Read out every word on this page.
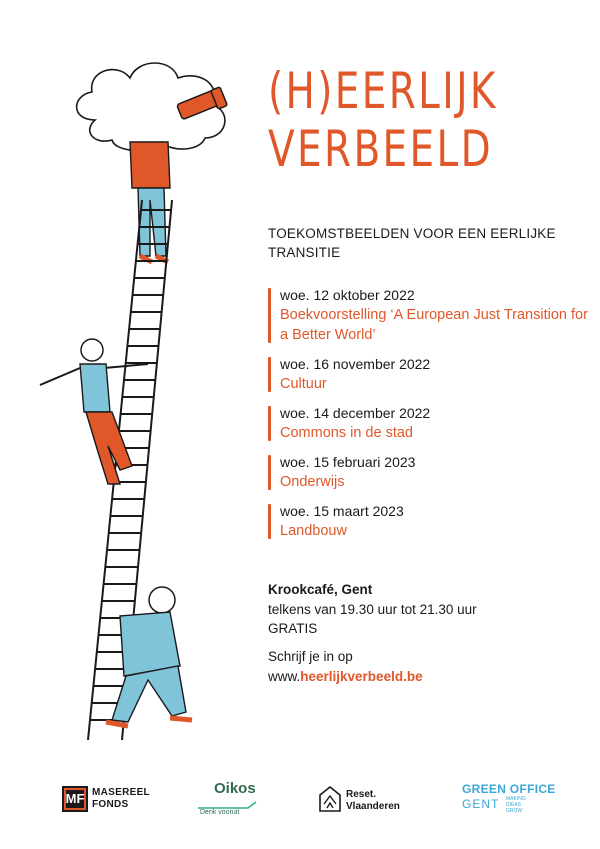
(H)EERLIJK
VERBEELD
TOEKOMSTBEELDEN VOOR EEN EERLIJKE TRANSITIE
woe. 12 oktober 2022
Boekvoorstelling ‘A European Just Transition for a Better World’
woe. 16 november 2022
Cultuur
woe. 14 december 2022
Commons in de stad
woe. 15 februari 2023
Onderwijs
woe. 15 maart 2023
Landbouw
Krookcafé, Gent
telkens van 19.30 uur tot 21.30 uur
GRATIS
Schrijf je in op
www.heerlijkverbeeld.be
MF MASEREEL
FONDS
Oikos
Denk vooruit
Reset.
Vlaanderen
GREEN OFFICE
GENT MAKING
IDEAS
GROW
